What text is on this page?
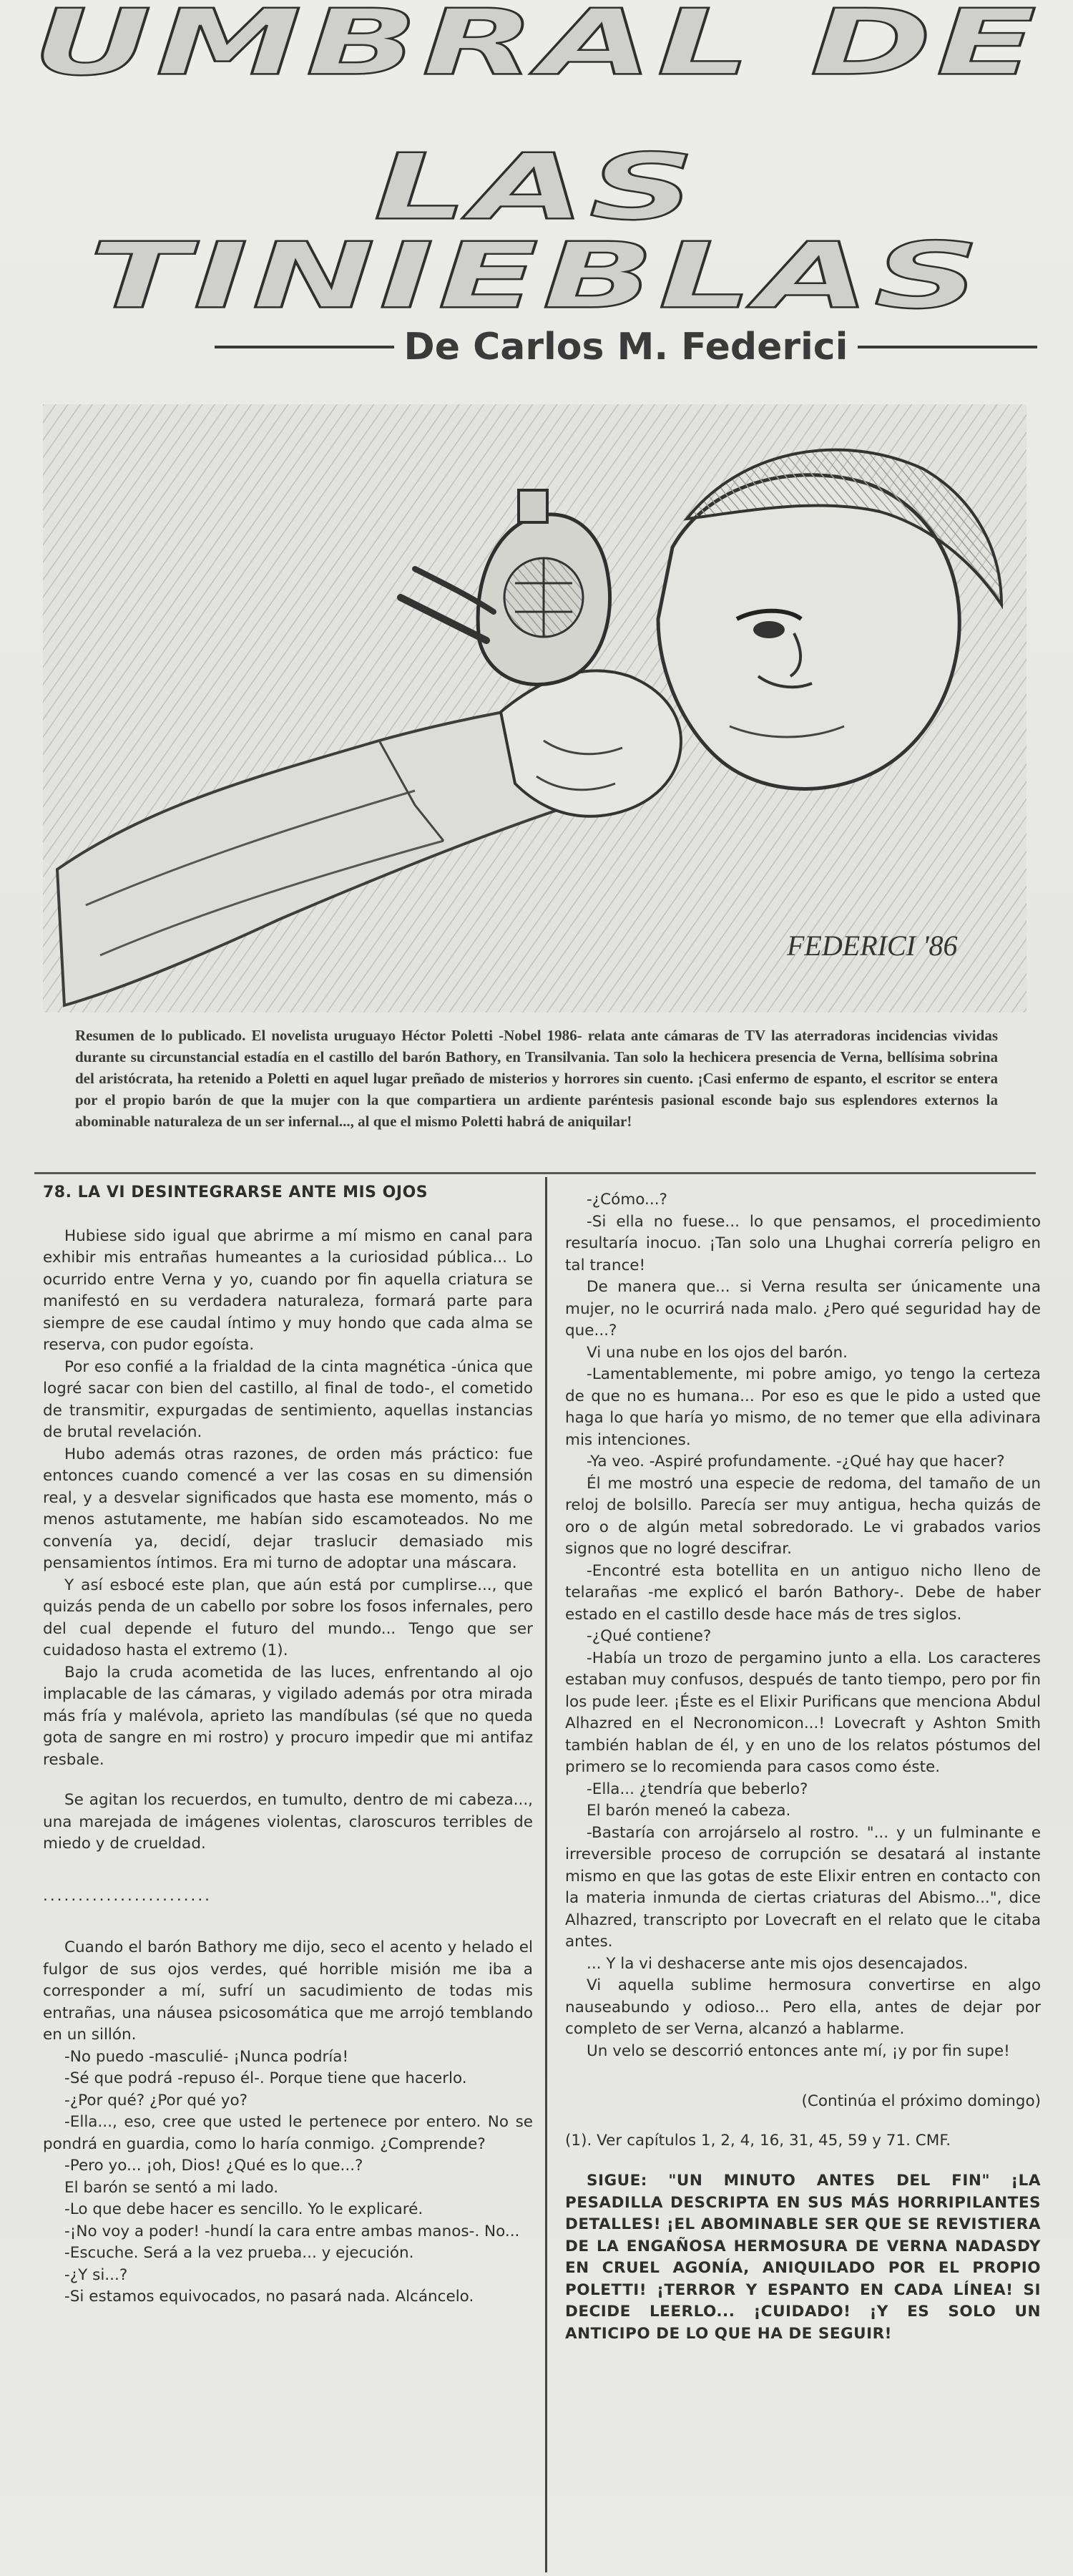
UMBRAL DE
LAS TINIEBLAS
De Carlos M. Federici
FEDERICI '86
Resumen de lo publicado. El novelista uruguayo Héctor Poletti -Nobel 1986- relata ante cámaras de TV las aterradoras incidencias vividas durante su circunstancial estadía en el castillo del barón Bathory, en Transilvania. Tan solo la hechicera presencia de Verna, bellísima sobrina del aristócrata, ha retenido a Poletti en aquel lugar preñado de misterios y horrores sin cuento. ¡Casi enfermo de espanto, el escritor se entera por el propio barón de que la mujer con la que compartiera un ardiente paréntesis pasional esconde bajo sus esplendores externos la abominable naturaleza de un ser infernal..., al que el mismo Poletti habrá de aniquilar!
78. LA VI DESINTEGRARSE ANTE MIS OJOS

Hubiese sido igual que abrirme a mí mismo en canal para exhibir mis entrañas humeantes a la curiosidad pública... Lo ocurrido entre Verna y yo, cuando por fin aquella criatura se manifestó en su verdadera naturaleza, formará parte para siempre de ese caudal íntimo y muy hondo que cada alma se reserva, con pudor egoísta.

Por eso confié a la frialdad de la cinta magnética -única que logré sacar con bien del castillo, al final de todo-, el cometido de transmitir, expurgadas de sentimiento, aquellas instancias de brutal revelación.

Hubo además otras razones, de orden más práctico: fue entonces cuando comencé a ver las cosas en su dimensión real, y a desvelar significados que hasta ese momento, más o menos astutamente, me habían sido escamoteados. No me convenía ya, decidí, dejar traslucir demasiado mis pensamientos íntimos. Era mi turno de adoptar una máscara.

Y así esbocé este plan, que aún está por cumplirse..., que quizás penda de un cabello por sobre los fosos infernales, pero del cual depende el futuro del mundo... Tengo que ser cuidadoso hasta el extremo (1).

Bajo la cruda acometida de las luces, enfrentando al ojo implacable de las cámaras, y vigilado además por otra mirada más fría y malévola, aprieto las mandíbulas (sé que no queda gota de sangre en mi rostro) y procuro impedir que mi antifaz resbale.

Se agitan los recuerdos, en tumulto, dentro de mi cabeza..., una marejada de imágenes violentas, claroscuros terribles de miedo y de crueldad.

........................

Cuando el barón Bathory me dijo, seco el acento y helado el fulgor de sus ojos verdes, qué horrible misión me iba a corresponder a mí, sufrí un sacudimiento de todas mis entrañas, una náusea psicosomática que me arrojó temblando en un sillón.

-No puedo -masculié- ¡Nunca podría!

-Sé que podrá -repuso él-. Porque tiene que hacerlo.

-¿Por qué? ¿Por qué yo?

-Ella..., eso, cree que usted le pertenece por entero. No se pondrá en guardia, como lo haría conmigo. ¿Comprende?

-Pero yo... ¡oh, Dios! ¿Qué es lo que...?

El barón se sentó a mi lado.

-Lo que debe hacer es sencillo. Yo le explicaré.

-¡No voy a poder! -hundí la cara entre ambas manos-. No...

-Escuche. Será a la vez prueba... y ejecución.

-¿Y si...?

-Si estamos equivocados, no pasará nada. Alcáncelo.

-¿Cómo...?

-Si ella no fuese... lo que pensamos, el procedimiento resultaría inocuo. ¡Tan solo una Lhughai correría peligro en tal trance!

De manera que... si Verna resulta ser únicamente una mujer, no le ocurrirá nada malo. ¿Pero qué seguridad hay de que...?

Vi una nube en los ojos del barón.

-Lamentablemente, mi pobre amigo, yo tengo la certeza de que no es humana... Por eso es que le pido a usted que haga lo que haría yo mismo, de no temer que ella adivinara mis intenciones.

-Ya veo. -Aspiré profundamente. -¿Qué hay que hacer?

Él me mostró una especie de redoma, del tamaño de un reloj de bolsillo. Parecía ser muy antigua, hecha quizás de oro o de algún metal sobredorado. Le vi grabados varios signos que no logré descifrar.

-Encontré esta botellita en un antiguo nicho lleno de telarañas -me explicó el barón Bathory-. Debe de haber estado en el castillo desde hace más de tres siglos.

-¿Qué contiene?

-Había un trozo de pergamino junto a ella. Los caracteres estaban muy confusos, después de tanto tiempo, pero por fin los pude leer. ¡Éste es el Elixir Purificans que menciona Abdul Alhazred en el Necronomicon...! Lovecraft y Ashton Smith también hablan de él, y en uno de los relatos póstumos del primero se lo recomienda para casos como éste.

-Ella... ¿tendría que beberlo?

El barón meneó la cabeza.

-Bastaría con arrojárselo al rostro. "... y un fulminante e irreversible proceso de corrupción se desatará al instante mismo en que las gotas de este Elixir entren en contacto con la materia inmunda de ciertas criaturas del Abismo...", dice Alhazred, transcripto por Lovecraft en el relato que le citaba antes.

... Y la vi deshacerse ante mis ojos desencajados.

Vi aquella sublime hermosura convertirse en algo nauseabundo y odioso... Pero ella, antes de dejar por completo de ser Verna, alcanzó a hablarme.

Un velo se descorrió entonces ante mí, ¡y por fin supe!

(Continúa el próximo domingo)

(1). Ver capítulos 1, 2, 4, 16, 31, 45, 59 y 71. CMF.

SIGUE: "UN MINUTO ANTES DEL FIN" ¡LA PESADILLA DESCRIPTA EN SUS MÁS HORRIPILANTES DETALLES! ¡EL ABOMINABLE SER QUE SE REVISTIERA DE LA ENGAÑOSA HERMOSURA DE VERNA NADASDY EN CRUEL AGONÍA, ANIQUILADO POR EL PROPIO POLETTI! ¡TERROR Y ESPANTO EN CADA LÍNEA! SI DECIDE LEERLO... ¡CUIDADO! ¡Y ES SOLO UN ANTICIPO DE LO QUE HA DE SEGUIR!
